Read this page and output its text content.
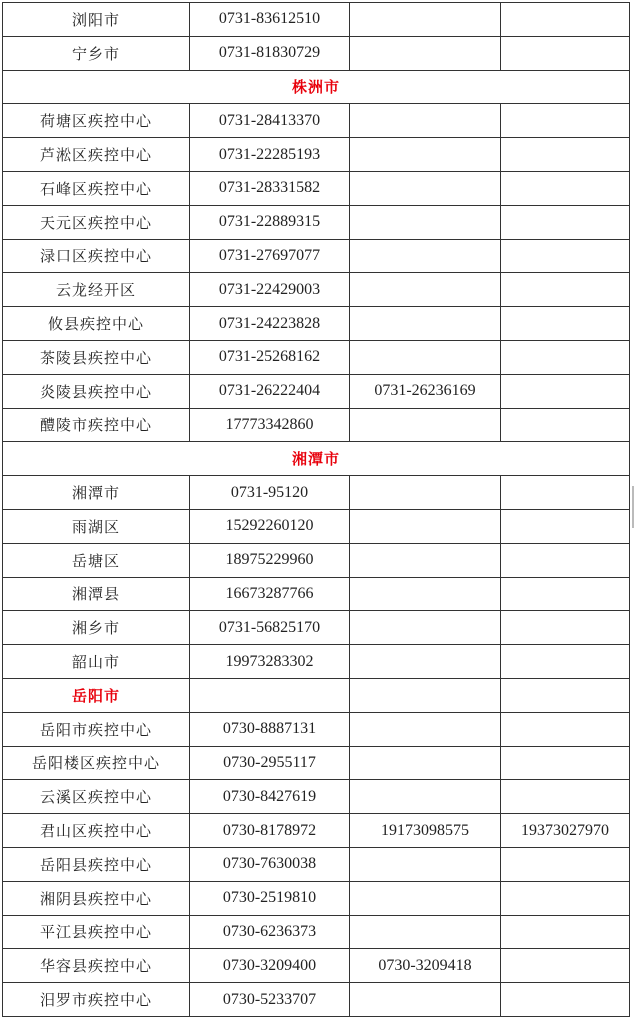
浏阳市	0731-83612510		
宁乡市	0731-81830729		
株洲市			
荷塘区疾控中心	0731-28413370		
芦淞区疾控中心	0731-22285193		
石峰区疾控中心	0731-28331582		
天元区疾控中心	0731-22889315		
渌口区疾控中心	0731-27697077		
云龙经开区	0731-22429003		
攸县疾控中心	0731-24223828		
茶陵县疾控中心	0731-25268162		
炎陵县疾控中心	0731-26222404	0731-26236169	
醴陵市疾控中心	17773342860		
湘潭市			
湘潭市	0731-95120		
雨湖区	15292260120		
岳塘区	18975229960		
湘潭县	16673287766		
湘乡市	0731-56825170		
韶山市	19973283302		
岳阳市			
岳阳市疾控中心	0730-8887131		
岳阳楼区疾控中心	0730-2955117		
云溪区疾控中心	0730-8427619		
君山区疾控中心	0730-8178972	19173098575	19373027970
岳阳县疾控中心	0730-7630038		
湘阴县疾控中心	0730-2519810		
平江县疾控中心	0730-6236373		
华容县疾控中心	0730-3209400	0730-3209418	
汨罗市疾控中心	0730-5233707		
